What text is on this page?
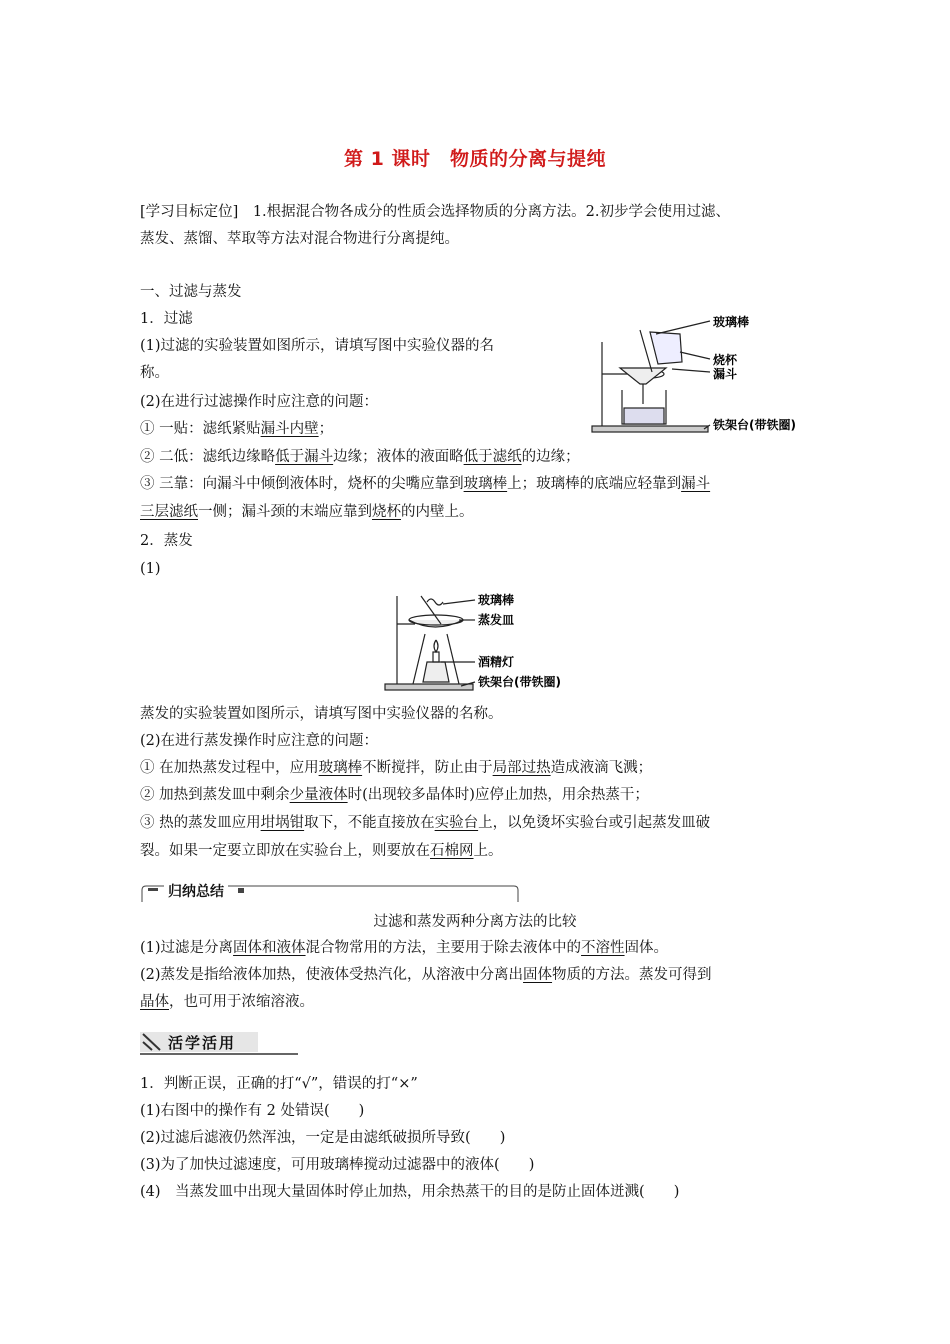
第 1 课时　物质的分离与提纯
[学习目标定位]　1.根据混合物各成分的性质会选择物质的分离方法。2.初步学会使用过滤、
蒸发、蒸馏、萃取等方法对混合物进行分离提纯。
一、过滤与蒸发
1．过滤
(1)过滤的实验装置如图所示，请填写图中实验仪器的名
称。
(2)在进行过滤操作时应注意的问题：
① 一贴：滤纸紧贴漏斗内壁；
② 二低：滤纸边缘略低于漏斗边缘；液体的液面略低于滤纸的边缘；
③ 三靠：向漏斗中倾倒液体时，烧杯的尖嘴应靠到玻璃棒上；玻璃棒的底端应轻靠到漏斗
三层滤纸一侧；漏斗颈的末端应靠到烧杯的内壁上。
玻璃棒
烧杯
漏斗
铁架台(带铁圈)
2．蒸发
(1)
玻璃棒
蒸发皿
酒精灯
铁架台(带铁圈)
蒸发的实验装置如图所示，请填写图中实验仪器的名称。
(2)在进行蒸发操作时应注意的问题：
① 在加热蒸发过程中，应用玻璃棒不断搅拌，防止由于局部过热造成液滴飞溅；
② 加热到蒸发皿中剩余少量液体时(出现较多晶体时)应停止加热，用余热蒸干；
③ 热的蒸发皿应用坩埚钳取下，不能直接放在实验台上，以免烫坏实验台或引起蒸发皿破
裂。如果一定要立即放在实验台上，则要放在石棉网上。
归纳总结
过滤和蒸发两种分离方法的比较
(1)过滤是分离固体和液体混合物常用的方法，主要用于除去液体中的不溶性固体。
(2)蒸发是指给液体加热，使液体受热汽化，从溶液中分离出固体物质的方法。蒸发可得到
晶体，也可用于浓缩溶液。
活学活用
1．判断正误，正确的打“√”，错误的打“×”
(1)右图中的操作有 2 处错误(　　)
(2)过滤后滤液仍然浑浊，一定是由滤纸破损所导致(　　)
(3)为了加快过滤速度，可用玻璃棒搅动过滤器中的液体(　　)
(4)　当蒸发皿中出现大量固体时停止加热，用余热蒸干的目的是防止固体迸溅(　　)
